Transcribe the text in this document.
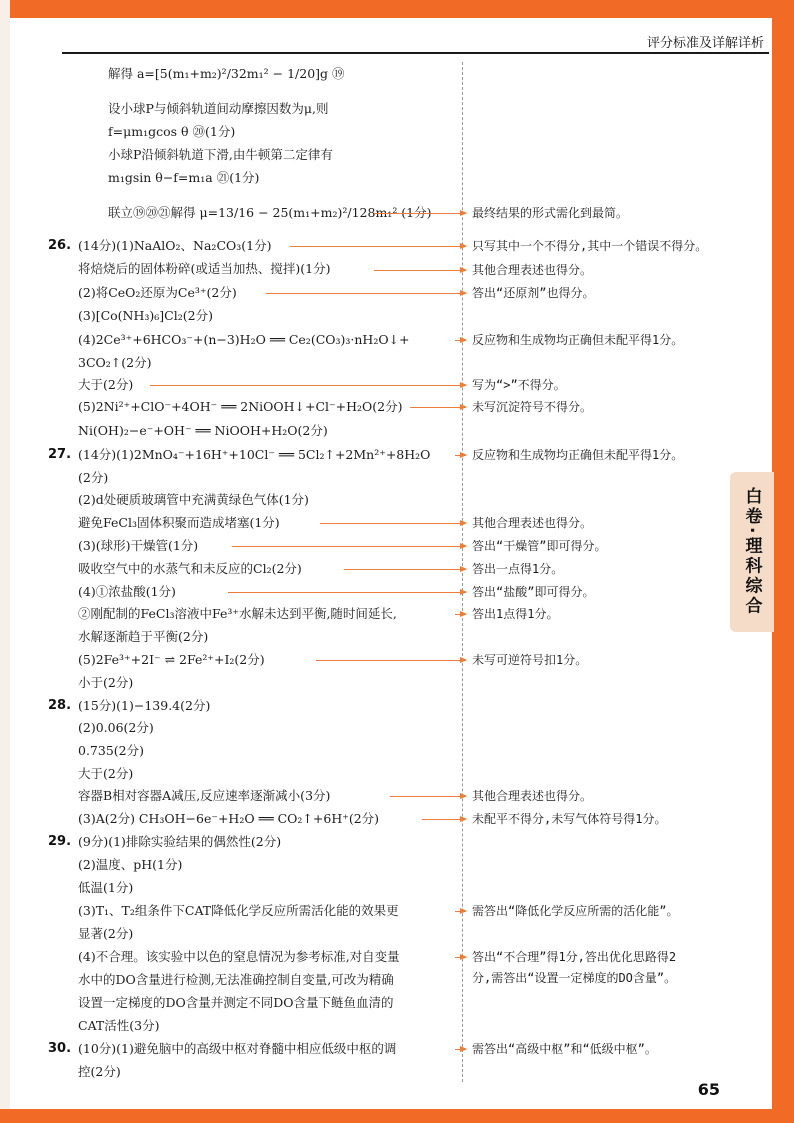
评分标准及详解详析
白卷·理科综合
解得 a=[5(m₁+m₂)²/32m₁² − 1/20]g ⑲
设小球P与倾斜轨道间动摩擦因数为μ,则
f=μm₁gcos θ ⑳(1分)
小球P沿倾斜轨道下滑,由牛顿第二定律有
m₁gsin θ−f=m₁a ㉑(1分)
联立⑲⑳㉑解得 μ=13/16 − 25(m₁+m₂)²/128m₁² (1分)
26. (14分)(1)NaAlO₂、Na₂CO₃(1分)
将焙烧后的固体粉碎(或适当加热、搅拌)(1分)
(2)将CeO₂还原为Ce³⁺(2分)
(3)[Co(NH₃)₆]Cl₂(2分)
(4)2Ce³⁺+6HCO₃⁻+(n−3)H₂O ══ Ce₂(CO₃)₃·nH₂O↓+
3CO₂↑(2分)
大于(2分)
(5)2Ni²⁺+ClO⁻+4OH⁻ ══ 2NiOOH↓+Cl⁻+H₂O(2分)
Ni(OH)₂−e⁻+OH⁻ ══ NiOOH+H₂O(2分)
27. (14分)(1)2MnO₄⁻+16H⁺+10Cl⁻ ══ 5Cl₂↑+2Mn²⁺+8H₂O
(2分)
(2)d处硬质玻璃管中充满黄绿色气体(1分)
避免FeCl₃固体积聚而造成堵塞(1分)
(3)(球形)干燥管(1分)
吸收空气中的水蒸气和未反应的Cl₂(2分)
(4)①浓盐酸(1分)
②刚配制的FeCl₃溶液中Fe³⁺水解未达到平衡,随时间延长,
水解逐渐趋于平衡(2分)
(5)2Fe³⁺+2I⁻ ⇌ 2Fe²⁺+I₂(2分)
小于(2分)
28. (15分)(1)−139.4(2分)
(2)0.06(2分)
0.735(2分)
大于(2分)
容器B相对容器A减压,反应速率逐渐减小(3分)
(3)A(2分) CH₃OH−6e⁻+H₂O ══ CO₂↑+6H⁺(2分)
29. (9分)(1)排除实验结果的偶然性(2分)
(2)温度、pH(1分)
低温(1分)
(3)T₁、T₂组条件下CAT降低化学反应所需活化能的效果更
显著(2分)
(4)不合理。该实验中以色的窒息情况为参考标准,对自变量
水中的DO含量进行检测,无法准确控制自变量,可改为精确
设置一定梯度的DO含量并测定不同DO含量下鲢鱼血清的
CAT活性(3分)
30. (10分)(1)避免脑中的高级中枢对脊髓中相应低级中枢的调
控(2分)
最终结果的形式需化到最简。
只写其中一个不得分,其中一个错误不得分。
其他合理表述也得分。
答出“还原剂”也得分。
反应物和生成物均正确但未配平得1分。
写为“>”不得分。
未写沉淀符号不得分。
反应物和生成物均正确但未配平得1分。
其他合理表述也得分。
答出“干燥管”即可得分。
答出一点得1分。
答出“盐酸”即可得分。
答出1点得1分。
未写可逆符号扣1分。
其他合理表述也得分。
未配平不得分,未写气体符号得1分。
需答出“降低化学反应所需的活化能”。
答出“不合理”得1分,答出优化思路得2
分,需答出“设置一定梯度的DO含量”。
需答出“高级中枢”和“低级中枢”。
65
